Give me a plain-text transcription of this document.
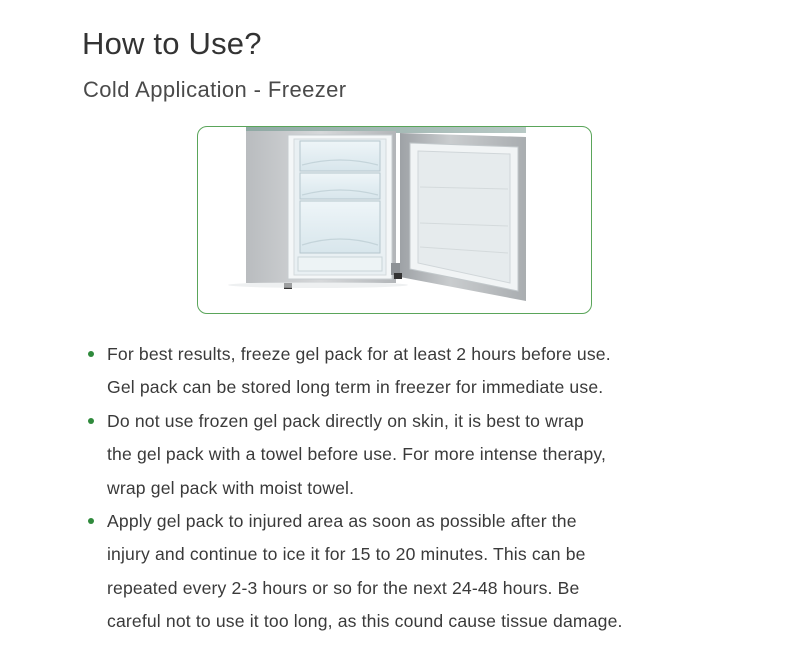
How to Use?
Cold Application - Freezer
For best results, freeze gel pack for at least 2 hours before use.
Gel pack can be stored long term in freezer for immediate use.
Do not use frozen gel pack directly on skin, it is best to wrap
the gel pack with a towel before use. For more intense therapy,
wrap gel pack with moist towel.
Apply gel pack to injured area as soon as possible after the
injury and continue to ice it for 15 to 20 minutes. This can be
repeated every 2-3 hours or so for the next 24-48 hours. Be
careful not to use it too long, as this cound cause tissue damage.
